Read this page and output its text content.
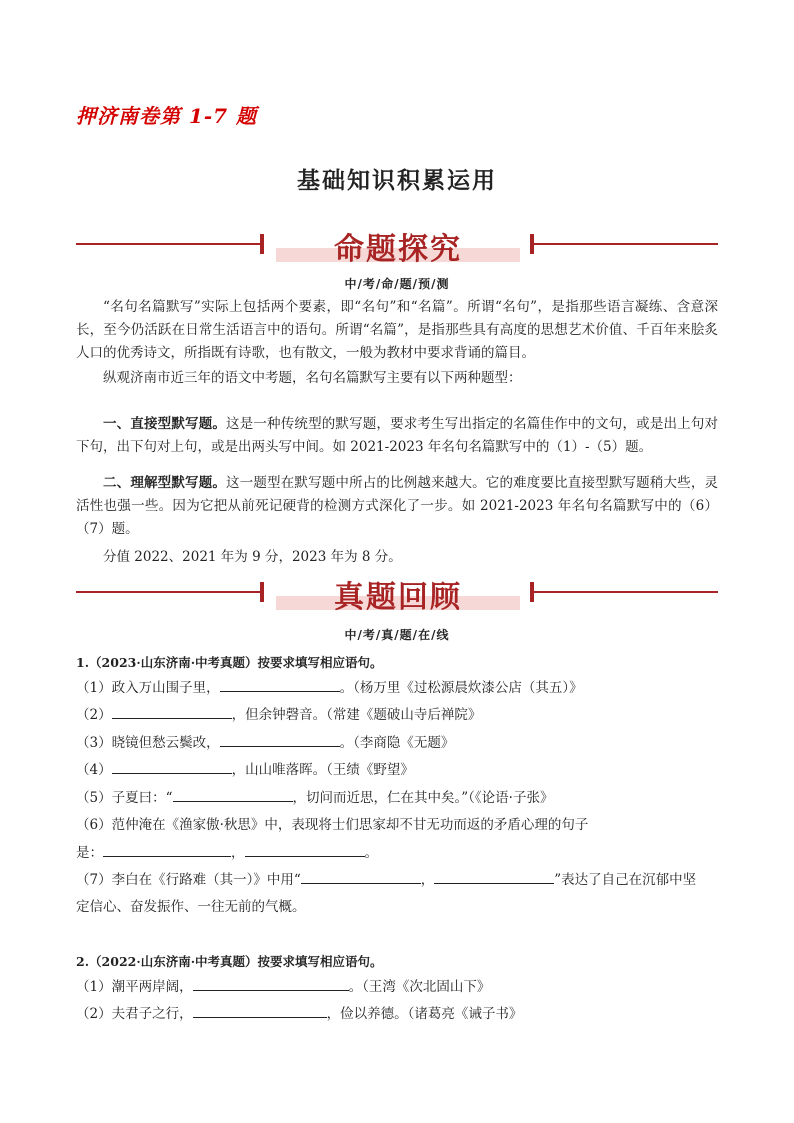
押济南卷第 1-7 题
基础知识积累运用
命题探究
中/考/命/题/预/测
“名句名篇默写”实际上包括两个要素，即“名句”和“名篇”。所谓“名句”，是指那些语言凝练、含意深长，至今仍活跃在日常生活语言中的语句。所谓“名篇”，是指那些具有高度的思想艺术价值、千百年来脍炙人口的优秀诗文，所指既有诗歌，也有散文，一般为教材中要求背诵的篇目。
纵观济南市近三年的语文中考题，名句名篇默写主要有以下两种题型：
一、直接型默写题。这是一种传统型的默写题，要求考生写出指定的名篇佳作中的文句，或是出上句对下句，出下句对上句，或是出两头写中间。如 2021-2023 年名句名篇默写中的（1）-（5）题。
二、理解型默写题。这一题型在默写题中所占的比例越来越大。它的难度要比直接型默写题稍大些，灵活性也强一些。因为它把从前死记硬背的检测方式深化了一步。如 2021-2023 年名句名篇默写中的（6）（7）题。
分值 2022、2021 年为 9 分，2023 年为 8 分。
真题回顾
中/考/真/题/在/线
1.（2023·山东济南·中考真题）按要求填写相应语句。
（1）政入万山围子里，	。（杨万里《过松源晨炊漆公店（其五）》
（2）	，但余钟磬音。（常建《题破山寺后禅院》
（3）晓镜但愁云鬓改，	。（李商隐《无题》
（4）	，山山唯落晖。（王绩《野望》
（5）子夏曰：“	，切问而近思，仁在其中矣。”（《论语·子张》
（6）范仲淹在《渔家傲·秋思》中，表现将士们思家却不甘无功而返的矛盾心理的句子
是：	，	。
（7）李白在《行路难（其一）》中用“	，	”表达了自己在沉郁中坚
定信心、奋发振作、一往无前的气概。
2.（2022·山东济南·中考真题）按要求填写相应语句。
（1）潮平两岸阔，	。（王湾《次北固山下》
（2）夫君子之行，	，俭以养德。（诸葛亮《诫子书》
